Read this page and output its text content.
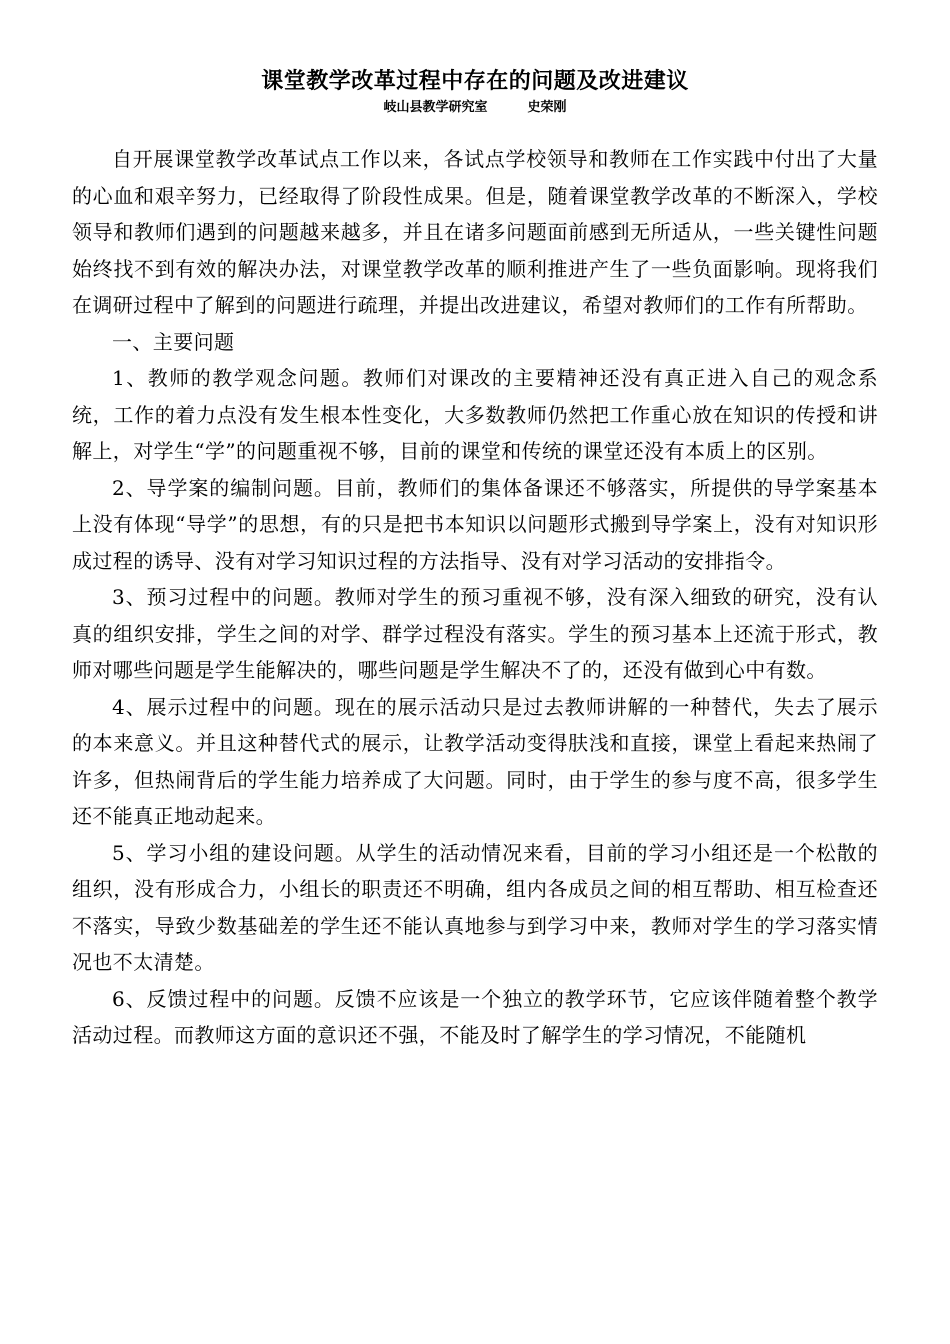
课堂教学改革过程中存在的问题及改进建议

岐山县教学研究室	史荣刚

自开展课堂教学改革试点工作以来，各试点学校领导和教师在工作实践中付出了大量的心血和艰辛努力，已经取得了阶段性成果。但是，随着课堂教学改革的不断深入，学校领导和教师们遇到的问题越来越多，并且在诸多问题面前感到无所适从，一些关键性问题始终找不到有效的解决办法，对课堂教学改革的顺利推进产生了一些负面影响。现将我们在调研过程中了解到的问题进行疏理，并提出改进建议，希望对教师们的工作有所帮助。

一、主要问题

1、教师的教学观念问题。教师们对课改的主要精神还没有真正进入自己的观念系统，工作的着力点没有发生根本性变化，大多数教师仍然把工作重心放在知识的传授和讲解上，对学生“学”的问题重视不够，目前的课堂和传统的课堂还没有本质上的区别。

2、导学案的编制问题。目前，教师们的集体备课还不够落实，所提供的导学案基本上没有体现“导学”的思想，有的只是把书本知识以问题形式搬到导学案上，没有对知识形成过程的诱导、没有对学习知识过程的方法指导、没有对学习活动的安排指令。

3、预习过程中的问题。教师对学生的预习重视不够，没有深入细致的研究，没有认真的组织安排，学生之间的对学、群学过程没有落实。学生的预习基本上还流于形式，教师对哪些问题是学生能解决的，哪些问题是学生解决不了的，还没有做到心中有数。

4、展示过程中的问题。现在的展示活动只是过去教师讲解的一种替代，失去了展示的本来意义。并且这种替代式的展示，让教学活动变得肤浅和直接，课堂上看起来热闹了许多，但热闹背后的学生能力培养成了大问题。同时，由于学生的参与度不高，很多学生还不能真正地动起来。

5、学习小组的建设问题。从学生的活动情况来看，目前的学习小组还是一个松散的组织，没有形成合力，小组长的职责还不明确，组内各成员之间的相互帮助、相互检查还不落实，导致少数基础差的学生还不能认真地参与到学习中来，教师对学生的学习落实情况也不太清楚。

6、反馈过程中的问题。反馈不应该是一个独立的教学环节，它应该伴随着整个教学活动过程。而教师这方面的意识还不强，不能及时了解学生的学习情况，不能随机
